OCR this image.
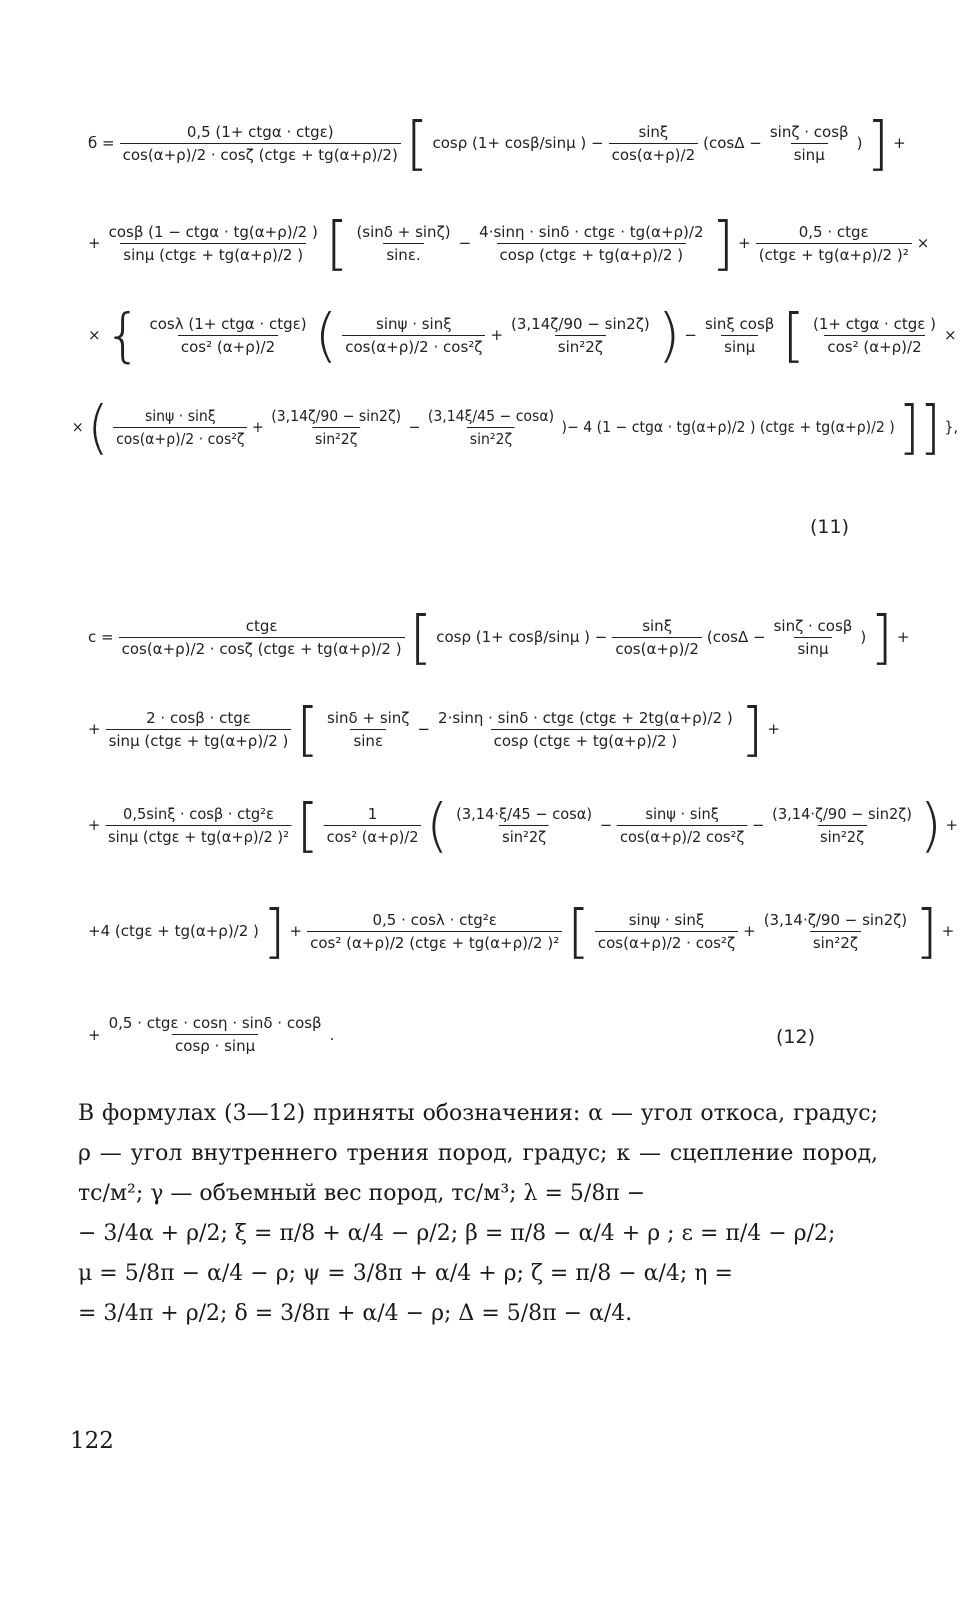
$б = \frac{\text{0,5 (1+ ctgα · ctgε)}}{\text{cos(α+ρ)/2 · cosζ (ctgε + tg(α+ρ)/2)}}$ [ cosρ (1+ cosβ/sinμ ) − $\frac{\sin\xi}{\cos(\alpha+\rho)/2} (\cos\Delta - \frac{\sin\zeta \cdot \cos\beta}{\sin\mu}$ ) ] +
+ $\frac{\text{cosβ (1 − ctgα · tg(α+ρ)/2 )}}{\text{sinμ (ctgε + tg(α+ρ)/2 )}}$ [ $\frac{(\sin\delta + \sin\zeta)}{\sin\varepsilon.} - \frac{\text{4·sinη · sinδ · ctgε · tg(α+ρ)/2}}{\text{cosρ (ctgε + tg(α+ρ)/2 )}}$ ] + $\frac{\text{0,5 · ctgε}}{\text{(ctgε + tg(α+ρ)/2 )²}}$ ×
× { $\frac{\text{cosλ (1+ ctgα · ctgε)}}{\text{cos² (α+ρ)/2}}$ ( $\frac{\sin\psi \cdot \sin\xi}{\text{cos(α+ρ)/2 · cos²ζ}} + \frac{(3,14\zeta/90 - \sin 2\zeta)}{\text{sin²2ζ}}$ ) − $\frac{\text{sinξ cosβ}}{\sin\mu}$ [ $\frac{\text{(1+ ctgα · ctgε )}}{\text{cos² (α+ρ)/2}}$ ×
× ( $\frac{\sin\psi \cdot \sin\xi}{\text{cos(α+ρ)/2 · cos²ζ}} + \frac{(3,14\zeta/90 - \sin 2\zeta)}{\text{sin²2ζ}} - \frac{(3,14\xi/45 - \cos\alpha)}{\text{sin²2ζ}}$ )− 4 (1 − ctgα · tg(α+ρ)/2 ) (ctgε + tg(α+ρ)/2 ) ]] },
(11)
$c = \frac{\text{ctgε}}{\text{cos(α+ρ)/2 · cosζ (ctgε + tg(α+ρ)/2 )}}$ [ cosρ (1+ cosβ/sinμ ) − $\frac{\sin\xi}{\cos(\alpha+\rho)/2} (\cos\Delta - \frac{\sin\zeta \cdot \cos\beta}{\sin\mu}$ ) ] +
+ $\frac{\text{2 · cosβ · ctgε}}{\text{sinμ (ctgε + tg(α+ρ)/2 )}}$ [ $\frac{\sin\delta + \sin\zeta}{\sin\varepsilon} - \frac{\text{2·sinη · sinδ · ctgε (ctgε + 2tg(α+ρ)/2 )}}{\text{cosρ (ctgε + tg(α+ρ)/2 )}}$ ] +
+ $\frac{\text{0,5sinξ · cosβ · ctg²ε}}{\text{sinμ (ctgε + tg(α+ρ)/2 )²}}$ [ $\frac{1}{\text{cos² (α+ρ)/2}}$ ( $\frac{(3,14\cdot\xi/45 - \cos\alpha)}{\text{sin²2ζ}} - \frac{\sin\psi \cdot \sin\xi}{\text{cos(α+ρ)/2 cos²ζ}} - \frac{(3,14\cdot\zeta/90 - \sin 2\zeta)}{\text{sin²2ζ}}$ ) +
+4 (ctgε + tg(α+ρ)/2 ) ] + $\frac{\text{0,5 · cosλ · ctg²ε}}{\text{cos² (α+ρ)/2 (ctgε + tg(α+ρ)/2 )²}}$ [ $\frac{\sin\psi \cdot \sin\xi}{\text{cos(α+ρ)/2 · cos²ζ}} + \frac{(3,14\cdot\zeta/90 - \sin 2\zeta)}{\text{sin²2ζ}}$ ] +
+ $\frac{\text{0,5 · ctgε · cosη · sinδ · cosβ}}{\cos\rho \cdot \sin\mu}$ .	(12)

В формулах (3—12) приняты обозначения: α — угол откоса, градус; ρ — угол внутреннего трения пород, градус; к — сцепление пород, тс/м²; γ — объемный вес пород, тс/м³; λ = 5/8π −

− 3/4α + ρ/2; ξ = π/8 + α/4 − ρ/2; β = π/8 − α/4 + ρ ; ε = π/4 − ρ/2;

μ = 5/8π − α/4 − ρ; ψ = 3/8π + α/4 + ρ; ζ = π/8 − α/4; η =

= 3/4π + ρ/2; δ = 3/8π + α/4 − ρ; Δ = 5/8π − α/4.

122
